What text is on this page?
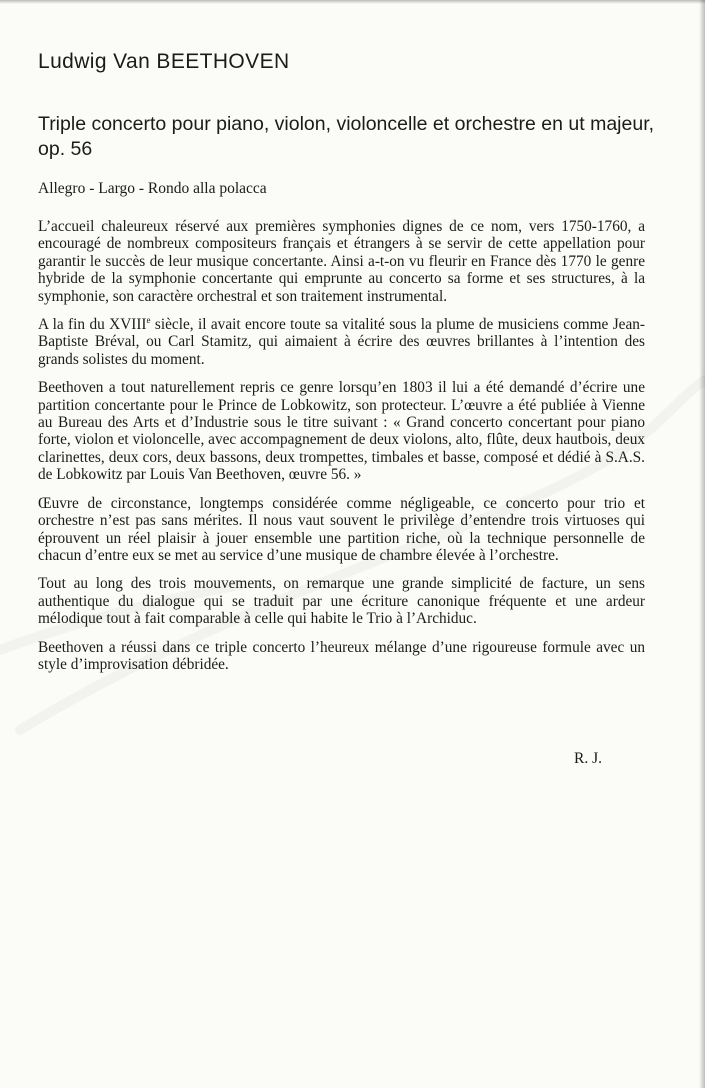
Ludwig Van BEETHOVEN
Triple concerto pour piano, violon, violoncelle et orchestre en ut majeur, op. 56

Allegro - Largo - Rondo alla polacca

L’accueil chaleureux réservé aux premières symphonies dignes de ce nom, vers 1750-1760, a encouragé de nombreux compositeurs français et étrangers à se servir de cette appellation pour garantir le succès de leur musique concertante. Ainsi a-t-on vu fleurir en France dès 1770 le genre hybride de la symphonie concertante qui emprunte au concerto sa forme et ses structures, à la symphonie, son caractère orchestral et son traitement instrumental.

A la fin du XVIIIe siècle, il avait encore toute sa vitalité sous la plume de musiciens comme Jean-Baptiste Bréval, ou Carl Stamitz, qui aimaient à écrire des œuvres brillantes à l’intention des grands solistes du moment.

Beethoven a tout naturellement repris ce genre lorsqu’en 1803 il lui a été demandé d’écrire une partition concertante pour le Prince de Lobkowitz, son protecteur. L’œuvre a été publiée à Vienne au Bureau des Arts et d’Industrie sous le titre suivant : « Grand concerto concertant pour piano forte, violon et violoncelle, avec accompagnement de deux violons, alto, flûte, deux hautbois, deux clarinettes, deux cors, deux bassons, deux trompettes, timbales et basse, composé et dédié à S.A.S. de Lobkowitz par Louis Van Beethoven, œuvre 56. »

Œuvre de circonstance, longtemps considérée comme négligeable, ce concerto pour trio et orchestre n’est pas sans mérites. Il nous vaut souvent le privilège d’entendre trois virtuoses qui éprouvent un réel plaisir à jouer ensemble une partition riche, où la technique personnelle de chacun d’entre eux se met au service d’une musique de chambre élevée à l’orchestre.

Tout au long des trois mouvements, on remarque une grande simplicité de facture, un sens authentique du dialogue qui se traduit par une écriture canonique fréquente et une ardeur mélodique tout à fait comparable à celle qui habite le Trio à l’Archiduc.

Beethoven a réussi dans ce triple concerto l’heureux mélange d’une rigoureuse formule avec un style d’improvisation débridée.

R. J.
